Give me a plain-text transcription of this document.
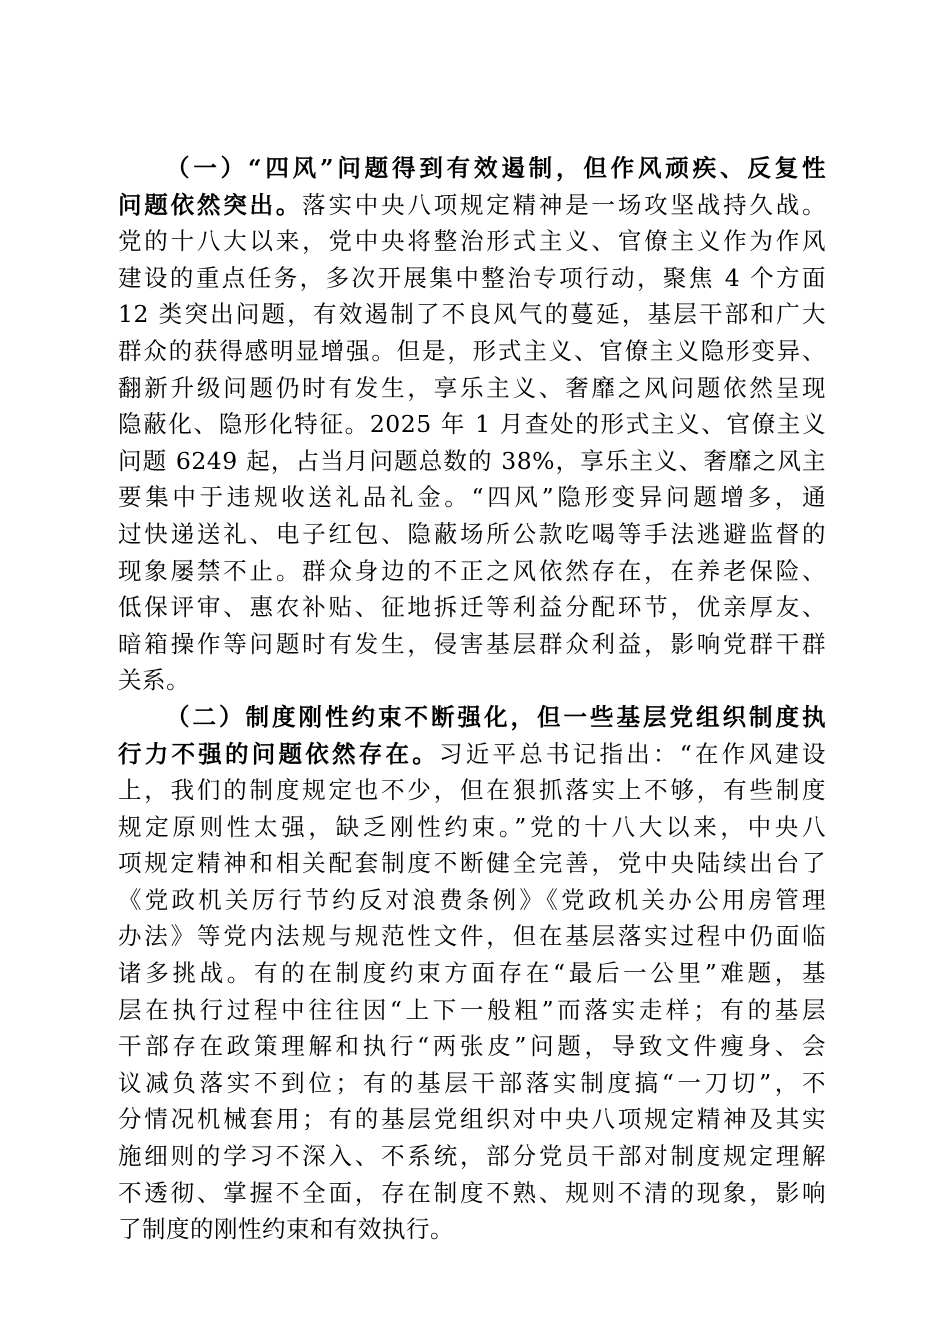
（一）“四风”问题得到有效遏制，但作风顽疾、反复性
问题依然突出。落实中央八项规定精神是一场攻坚战持久战。
党的十八大以来，党中央将整治形式主义、官僚主义作为作风
建设的重点任务，多次开展集中整治专项行动，聚焦 4 个方面
12 类突出问题，有效遏制了不良风气的蔓延，基层干部和广大
群众的获得感明显增强。但是，形式主义、官僚主义隐形变异、
翻新升级问题仍时有发生，享乐主义、奢靡之风问题依然呈现
隐蔽化、隐形化特征。2025 年 1 月查处的形式主义、官僚主义
问题 6249 起，占当月问题总数的 38%，享乐主义、奢靡之风主
要集中于违规收送礼品礼金。“四风”隐形变异问题增多，通
过快递送礼、电子红包、隐蔽场所公款吃喝等手法逃避监督的
现象屡禁不止。群众身边的不正之风依然存在，在养老保险、
低保评审、惠农补贴、征地拆迁等利益分配环节，优亲厚友、
暗箱操作等问题时有发生，侵害基层群众利益，影响党群干群
关系。
（二）制度刚性约束不断强化，但一些基层党组织制度执
行力不强的问题依然存在。习近平总书记指出：“在作风建设
上，我们的制度规定也不少，但在狠抓落实上不够，有些制度
规定原则性太强，缺乏刚性约束。”党的十八大以来，中央八
项规定精神和相关配套制度不断健全完善，党中央陆续出台了
《党政机关厉行节约反对浪费条例》《党政机关办公用房管理
办法》等党内法规与规范性文件，但在基层落实过程中仍面临
诸多挑战。有的在制度约束方面存在“最后一公里”难题，基
层在执行过程中往往因“上下一般粗”而落实走样；有的基层
干部存在政策理解和执行“两张皮”问题，导致文件瘦身、会
议减负落实不到位；有的基层干部落实制度搞“一刀切”，不
分情况机械套用；有的基层党组织对中央八项规定精神及其实
施细则的学习不深入、不系统，部分党员干部对制度规定理解
不透彻、掌握不全面，存在制度不熟、规则不清的现象，影响
了制度的刚性约束和有效执行。
